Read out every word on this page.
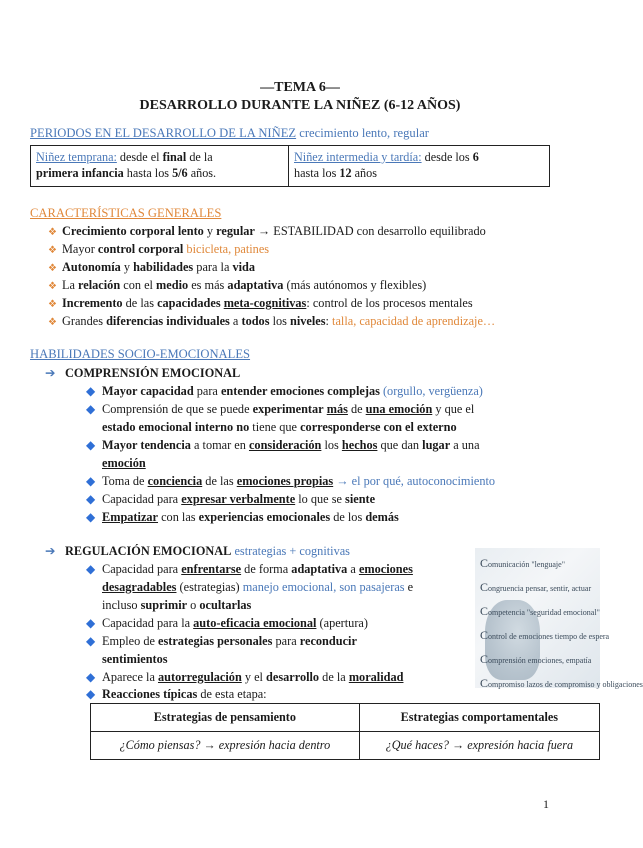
—TEMA 6—
DESARROLLO DURANTE LA NIÑEZ (6-12 AÑOS)
PERIODOS EN EL DESARROLLO DE LA NIÑEZ crecimiento lento, regular
Niñez temprana: desde el final de la
primera infancia hasta los 5/6 años.
Niñez intermedia y tardía: desde los 6
hasta los 12 años
CARACTERÍSTICAS GENERALES
❖ Crecimiento corporal lento y regular → ESTABILIDAD con desarrollo equilibrado
❖ Mayor control corporal bicicleta, patines
❖ Autonomía y habilidades para la vida
❖ La relación con el medio es más adaptativa (más autónomos y flexibles)
❖ Incremento de las capacidades meta-cognitivas: control de los procesos mentales
❖ Grandes diferencias individuales a todos los niveles: talla, capacidad de aprendizaje…
HABILIDADES SOCIO-EMOCIONALES
➔ COMPRENSIÓN EMOCIONAL
◆ Mayor capacidad para entender emociones complejas (orgullo, vergüenza)
◆ Comprensión de que se puede experimentar más de una emoción y que el
estado emocional interno no tiene que corresponderse con el externo
◆ Mayor tendencia a tomar en consideración los hechos que dan lugar a una
emoción
◆ Toma de conciencia de las emociones propias → el por qué, autoconocimiento
◆ Capacidad para expresar verbalmente lo que se siente
◆ Empatizar con las experiencias emocionales de los demás
➔ REGULACIÓN EMOCIONAL estrategias + cognitivas
◆ Capacidad para enfrentarse de forma adaptativa a emociones
desagradables (estrategias) manejo emocional, son pasajeras e
incluso suprimir o ocultarlas
◆ Capacidad para la auto-eficacia emocional (apertura)
◆ Empleo de estrategias personales para reconducir
sentimientos
◆ Aparece la autorregulación y el desarrollo de la moralidad
◆ Reacciones típicas de esta etapa:
Comunicación "lenguaje"
Congruencia pensar, sentir, actuar
Competencia "seguridad emocional"
Control de emociones tiempo de espera
Comprensión emociones, empatía
Compromiso lazos de compromiso y obligaciones
Estrategias de pensamiento	Estrategias comportamentales
¿Cómo piensas? → expresión hacia dentro	¿Qué haces? → expresión hacia fuera
1
